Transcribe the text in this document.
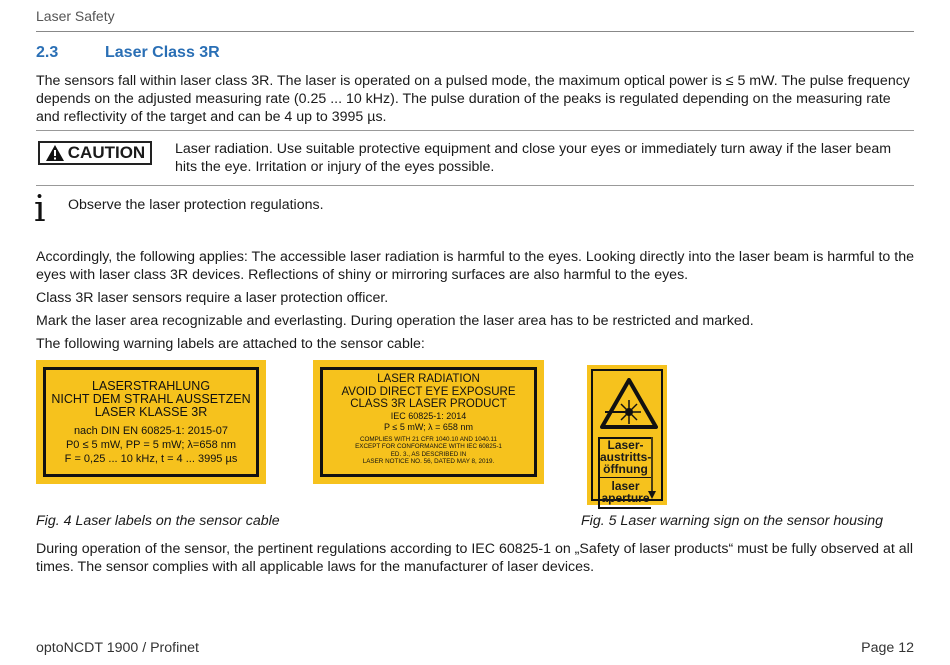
Laser Safety
2.3	Laser Class 3R
The sensors fall within laser class 3R. The laser is operated on a pulsed mode, the maximum optical power is ≤ 5 mW. The pulse frequency depends on the adjusted measuring rate (0.25 ... 10 kHz). The pulse duration of the peaks is regulated depending on the measuring rate and reflectivity of the target and can be 4 up to 3995 µs.
CAUTION Laser radiation. Use suitable protective equipment and close your eyes or immediately turn away if the laser beam hits the eye. Irritation or injury of the eyes possible.
i Observe the laser protection regulations.
Accordingly, the following applies: The accessible laser radiation is harmful to the eyes. Looking directly into the laser beam is harmful to the eyes with laser class 3R devices. Reflections of shiny or mirroring surfaces are also harmful to the eyes.
Class 3R laser sensors require a laser protection officer.
Mark the laser area recognizable and everlasting. During operation the laser area has to be restricted and marked.
The following warning labels are attached to the sensor cable:
LASERSTRAHLUNG
NICHT DEM STRAHL AUSSETZEN
LASER KLASSE 3R
nach DIN EN 60825-1: 2015-07
P0 ≤ 5 mW, PP = 5 mW; λ=658 nm
F = 0,25 ... 10 kHz, t = 4 ... 3995 µs
LASER RADIATION
AVOID DIRECT EYE EXPOSURE
CLASS 3R LASER PRODUCT
IEC 60825-1: 2014
P ≤ 5 mW; λ = 658 nm
COMPLIES WITH 21 CFR 1040.10 AND 1040.11
EXCEPT FOR CONFORMANCE WITH IEC 60825-1
ED. 3., AS DESCRIBED IN
LASER NOTICE NO. 56, DATED MAY 8, 2019.
Laser-
austritts-
öffnung
laser
aperture
Fig. 4 Laser labels on the sensor cable	Fig. 5 Laser warning sign on the sensor housing
During operation of the sensor, the pertinent regulations according to IEC 60825-1 on „Safety of laser products“ must be fully observed at all times. The sensor complies with all applicable laws for the manufacturer of laser devices.
optoNCDT 1900 / Profinet	Page 12
